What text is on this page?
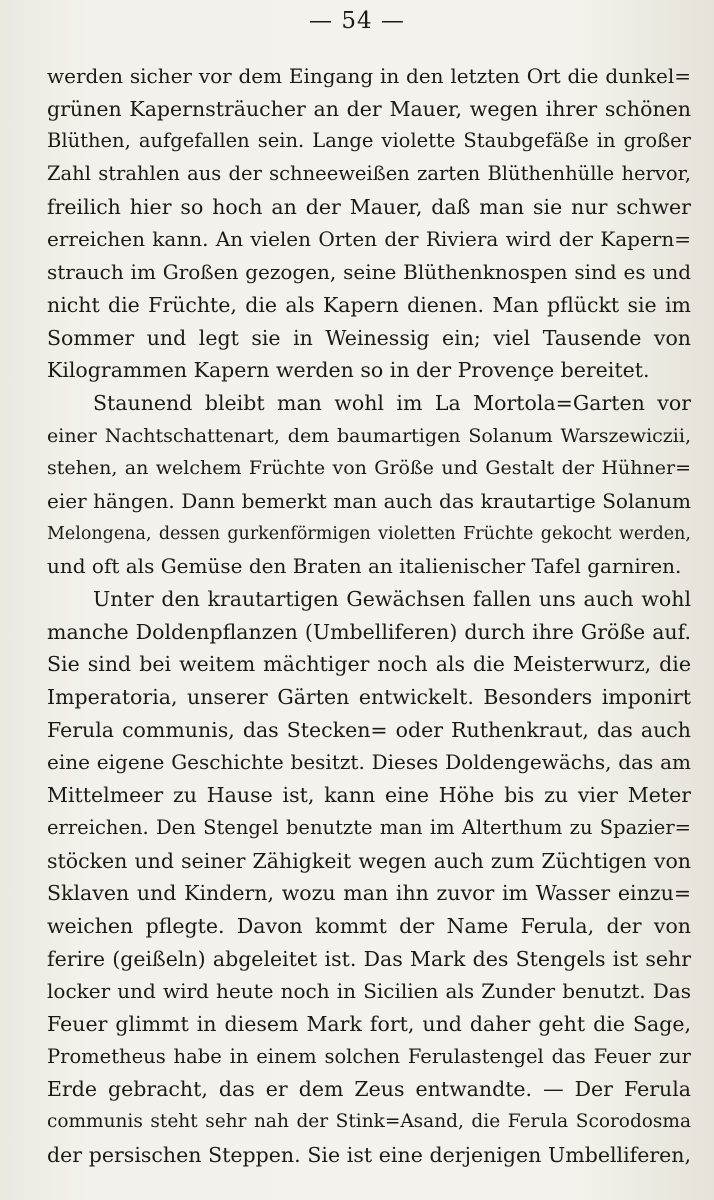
— 54 —
werden sicher vor dem Eingang in den letzten Ort die dunkel=
grünen Kapernsträucher an der Mauer, wegen ihrer schönen
Blüthen, aufgefallen sein. Lange violette Staubgefäße in großer
Zahl strahlen aus der schneeweißen zarten Blüthenhülle hervor,
freilich hier so hoch an der Mauer, daß man sie nur schwer
erreichen kann. An vielen Orten der Riviera wird der Kapern=
strauch im Großen gezogen, seine Blüthenknospen sind es und
nicht die Früchte, die als Kapern dienen. Man pflückt sie im
Sommer und legt sie in Weinessig ein; viel Tausende von
Kilogrammen Kapern werden so in der Provençe bereitet.
Staunend bleibt man wohl im La Mortola=Garten vor
einer Nachtschattenart, dem baumartigen Solanum Warszewiczii,
stehen, an welchem Früchte von Größe und Gestalt der Hühner=
eier hängen. Dann bemerkt man auch das krautartige Solanum
Melongena, dessen gurkenförmigen violetten Früchte gekocht werden,
und oft als Gemüse den Braten an italienischer Tafel garniren.
Unter den krautartigen Gewächsen fallen uns auch wohl
manche Doldenpflanzen (Umbelliferen) durch ihre Größe auf.
Sie sind bei weitem mächtiger noch als die Meisterwurz, die
Imperatoria, unserer Gärten entwickelt. Besonders imponirt
Ferula communis, das Stecken= oder Ruthenkraut, das auch
eine eigene Geschichte besitzt. Dieses Doldengewächs, das am
Mittelmeer zu Hause ist, kann eine Höhe bis zu vier Meter
erreichen. Den Stengel benutzte man im Alterthum zu Spazier=
stöcken und seiner Zähigkeit wegen auch zum Züchtigen von
Sklaven und Kindern, wozu man ihn zuvor im Wasser einzu=
weichen pflegte. Davon kommt der Name Ferula, der von
ferire (geißeln) abgeleitet ist. Das Mark des Stengels ist sehr
locker und wird heute noch in Sicilien als Zunder benutzt. Das
Feuer glimmt in diesem Mark fort, und daher geht die Sage,
Prometheus habe in einem solchen Ferulastengel das Feuer zur
Erde gebracht, das er dem Zeus entwandte. — Der Ferula
communis steht sehr nah der Stink=Asand, die Ferula Scorodosma
der persischen Steppen. Sie ist eine derjenigen Umbelliferen,
